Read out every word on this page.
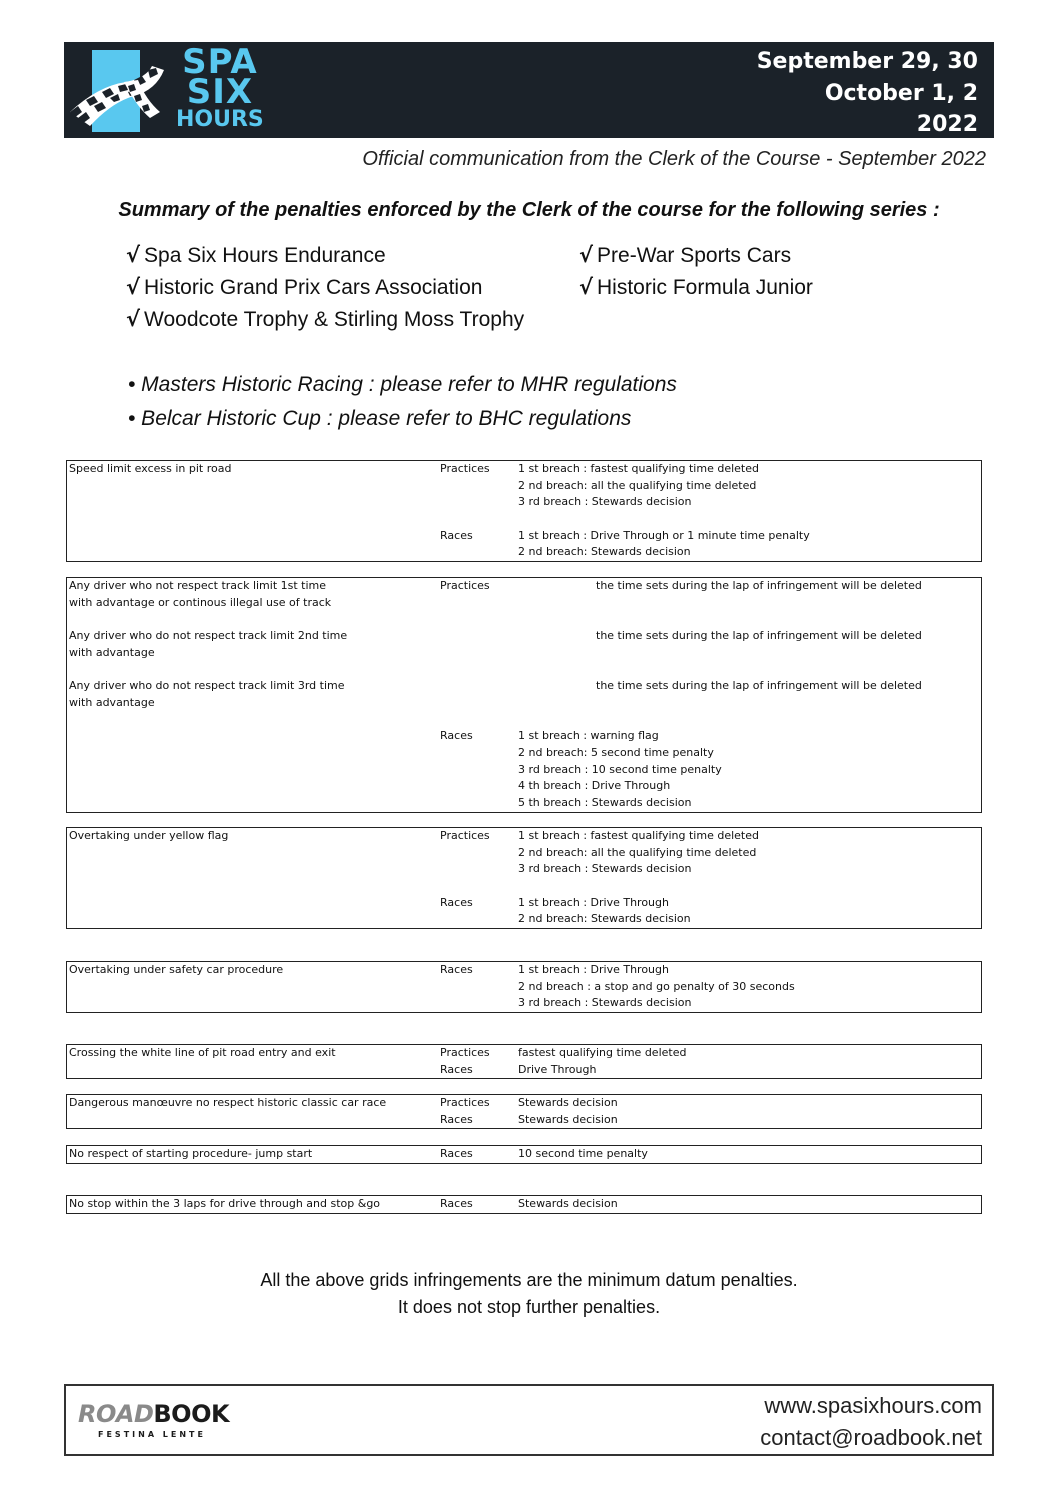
SPA
SIX
HOURS
September 29, 30
October 1, 2
2022
Official communication from the Clerk of the Course - September 2022
Summary of the penalties enforced by the Clerk of the course for the following series :
√ Spa Six Hours Endurance
√ Historic Grand Prix Cars Association
√ Woodcote Trophy & Stirling Moss Trophy
√ Pre-War Sports Cars
√ Historic Formula Junior
• Masters Historic Racing : please refer to MHR regulations
• Belcar Historic Cup : please refer to BHC regulations
Speed limit excess in pit road	Practices	1 st breach : fastest qualifying time deleted
2 nd breach: all the qualifying time deleted
3 rd breach : Stewards decision
Races	1 st breach : Drive Through or 1 minute time penalty
2 nd breach: Stewards decision
Any driver who not respect track limit 1st time	Practices	the time sets during the lap of infringement will be deleted
with advantage or continous illegal use of track
Any driver who do not respect track limit 2nd time	the time sets during the lap of infringement will be deleted
with advantage
Any driver who do not respect track limit 3rd time	the time sets during the lap of infringement will be deleted
with advantage
Races	1 st breach : warning flag
2 nd breach: 5 second time penalty
3 rd breach : 10 second time penalty
4 th breach : Drive Through
5 th breach : Stewards decision
Overtaking under yellow flag	Practices	1 st breach : fastest qualifying time deleted
2 nd breach: all the qualifying time deleted
3 rd breach : Stewards decision
Races	1 st breach : Drive Through
2 nd breach: Stewards decision
Overtaking under safety car procedure	Races	1 st breach : Drive Through
2 nd breach : a stop and go penalty of 30 seconds
3 rd breach : Stewards decision
Crossing the white line of pit road entry and exit	Practices	fastest qualifying time deleted
Races	Drive Through
Dangerous manœuvre no respect historic classic car race	Practices	Stewards decision
Races	Stewards decision
No respect of starting procedure- jump start	Races	10 second time penalty
No stop within the 3 laps for drive through and stop &go	Races	Stewards decision
All the above grids infringements are the minimum datum penalties.
It does not stop further penalties.
ROADBOOK
FESTINA LENTE
www.spasixhours.com
contact@roadbook.net
